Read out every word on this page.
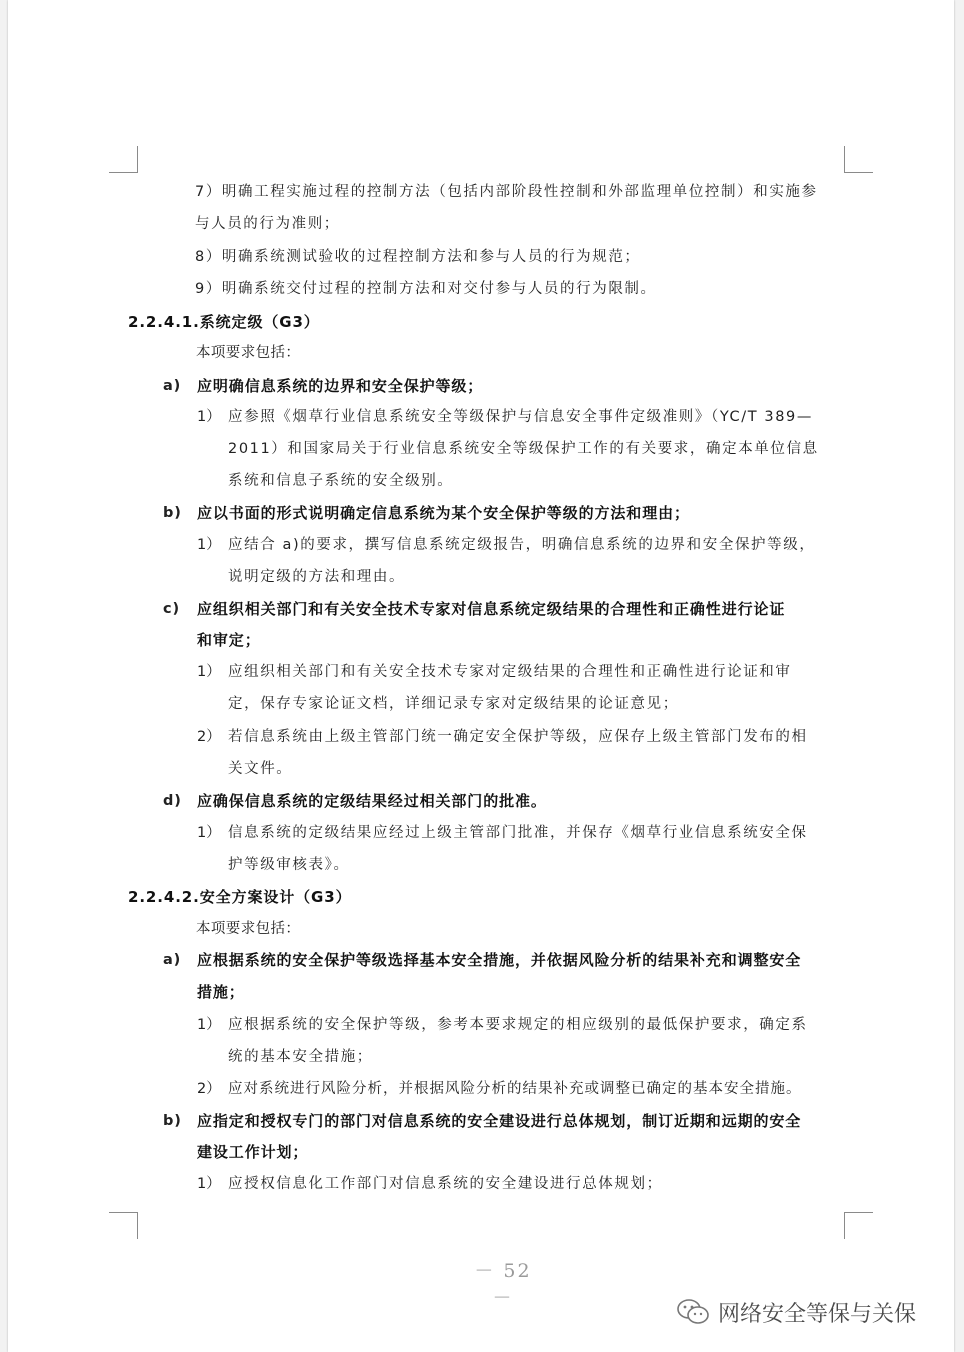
7）明确工程实施过程的控制方法（包括内部阶段性控制和外部监理单位控制）和实施参
与人员的行为准则；
8）明确系统测试验收的过程控制方法和参与人员的行为规范；
9）明确系统交付过程的控制方法和对交付参与人员的行为限制。
2.2.4.1.系统定级（G3）
本项要求包括：
a) 应明确信息系统的边界和安全保护等级；
1） 应参照《烟草行业信息系统安全等级保护与信息安全事件定级准则》（YC/T 389—
2011）和国家局关于行业信息系统安全等级保护工作的有关要求，确定本单位信息
系统和信息子系统的安全级别。
b) 应以书面的形式说明确定信息系统为某个安全保护等级的方法和理由；
1） 应结合 a)的要求，撰写信息系统定级报告，明确信息系统的边界和安全保护等级，
说明定级的方法和理由。
c) 应组织相关部门和有关安全技术专家对信息系统定级结果的合理性和正确性进行论证
和审定；
1） 应组织相关部门和有关安全技术专家对定级结果的合理性和正确性进行论证和审
定，保存专家论证文档，详细记录专家对定级结果的论证意见；
2） 若信息系统由上级主管部门统一确定安全保护等级，应保存上级主管部门发布的相
关文件。
d) 应确保信息系统的定级结果经过相关部门的批准。
1） 信息系统的定级结果应经过上级主管部门批准，并保存《烟草行业信息系统安全保
护等级审核表》。
2.2.4.2.安全方案设计（G3）
本项要求包括：
a) 应根据系统的安全保护等级选择基本安全措施，并依据风险分析的结果补充和调整安全
措施；
1） 应根据系统的安全保护等级，参考本要求规定的相应级别的最低保护要求，确定系
统的基本安全措施；
2） 应对系统进行风险分析，并根据风险分析的结果补充或调整已确定的基本安全措施。
b) 应指定和授权专门的部门对信息系统的安全建设进行总体规划，制订近期和远期的安全
建设工作计划；
1） 应授权信息化工作部门对信息系统的安全建设进行总体规划；
－ 52 －
网络安全等保与关保
